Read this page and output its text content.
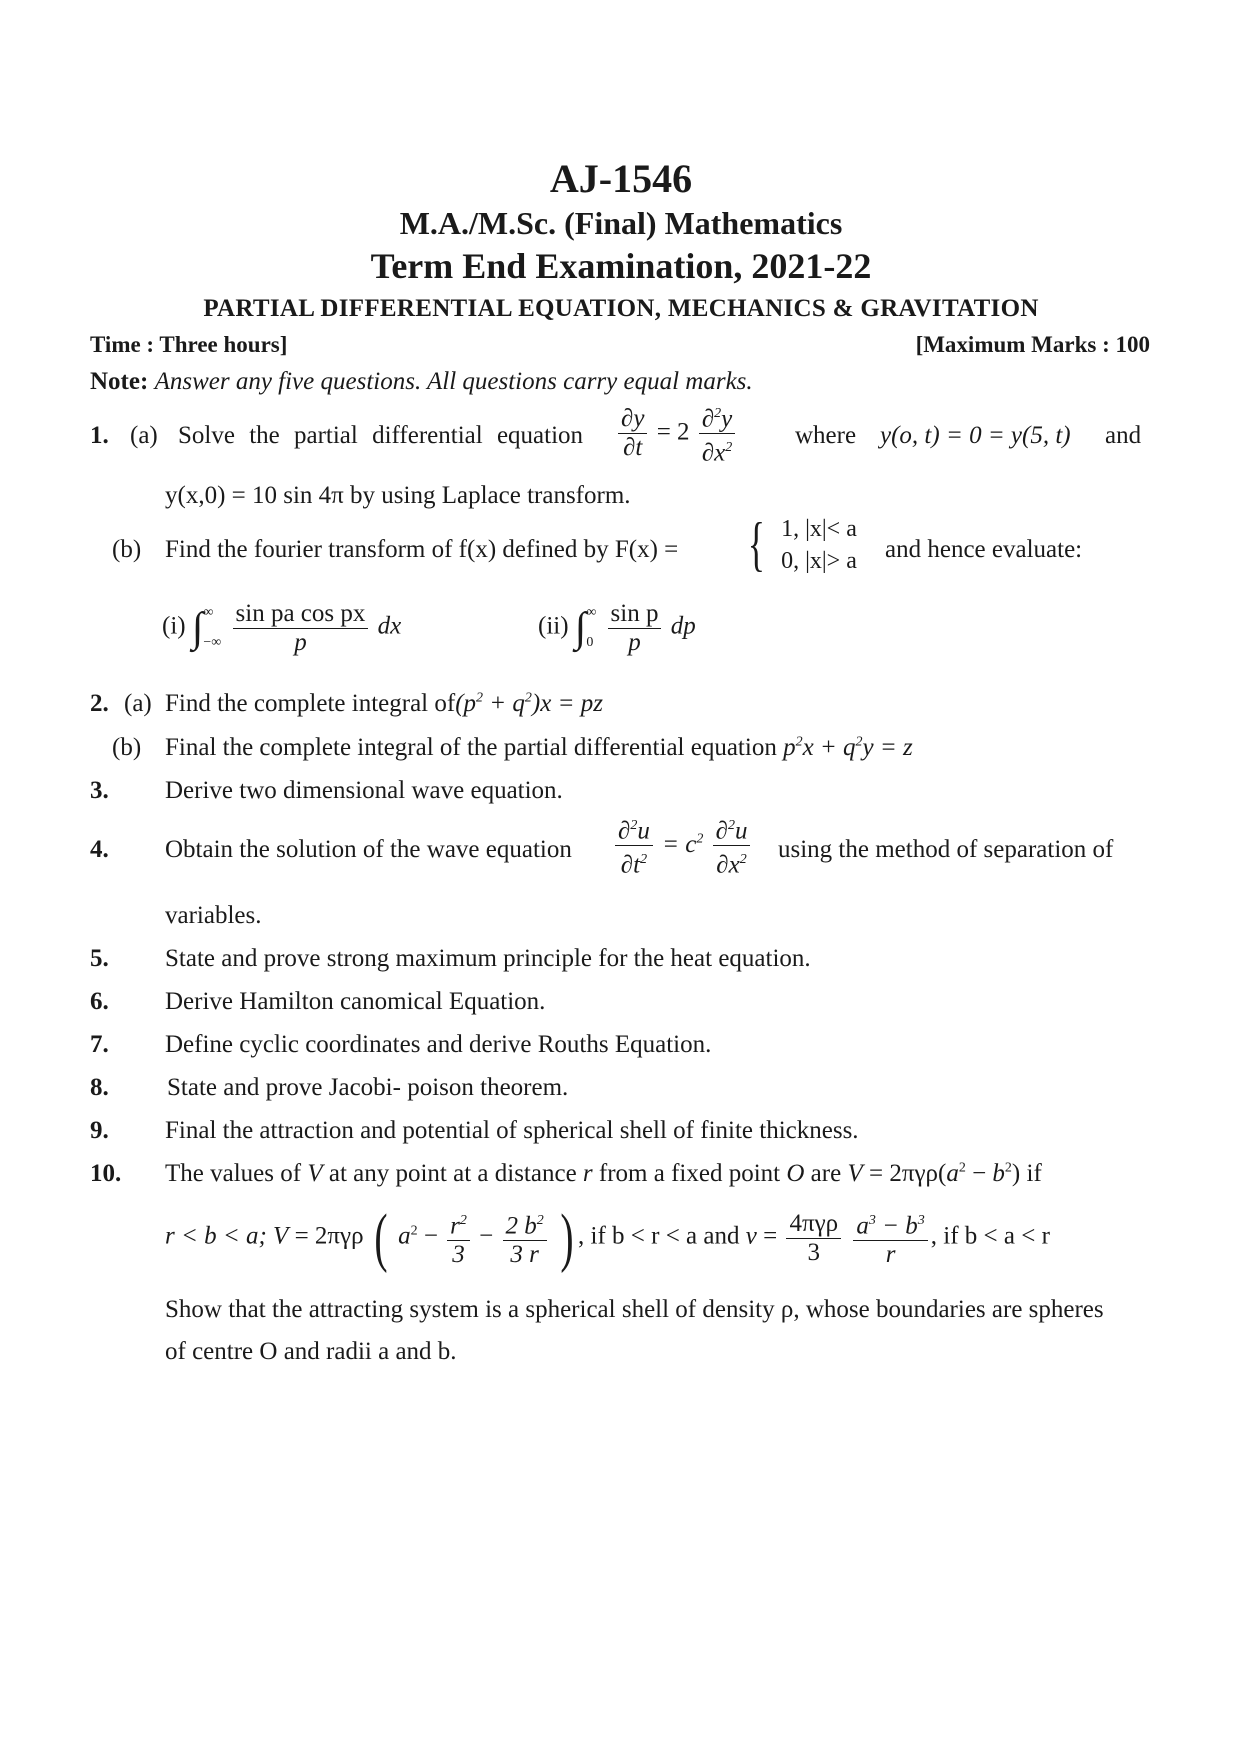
AJ-1546
M.A./M.Sc. (Final) Mathematics
Term End Examination, 2021-22
PARTIAL DIFFERENTIAL EQUATION, MECHANICS & GRAVITATION
Time : Three hours]	[Maximum Marks : 100
Note: Answer any five questions. All questions carry equal marks.
1. (a) Solve the partial differential equation $\frac{\partial y}{\partial t} = 2 \frac{\partial^2y}{\partial x^2}$ where y(o, t) = 0 = y(5, t) and
y(x,0) = 10 sin 4π by using Laplace transform.
(b) Find the fourier transform of f(x) defined by F(x) = { 1, |x|< a
0, |x|> a and hence evaluate:
(i) ∫ ∞
−∞
$\frac{\text{sin pa cos px}}{p}$ dx	(ii) ∫ ∞
0
$\frac{\text{sin p}}{p}$ dp
2. (a) Find the complete integral $of(p^2 + q^2)x$ = pz
(b) Final the complete integral of the partial differential equation $p^2x + q^2y = z$
3. Derive two dimensional wave equation.
4. Obtain the solution of the wave equation $\frac{\partial^2u}{\partial t^2} = c^2 \frac{\partial^2u}{\partial x^2}$ using the method of separation of
variables.
5. State and prove strong maximum principle for the heat equation.
6. Derive Hamilton canomical Equation.
7. Define cyclic coordinates and derive Rouths Equation.
8. State and prove Jacobi- poison theorem.
9. Final the attraction and potential of spherical shell of finite thickness.
10. The values of V at any point at a distance r from a fixed point O are $V = 2\pi\gamma\rho(a^2 - b^2)$ if
r < b < a; V = 2πγρ ( $a^2 - \frac{r^2}{3} - \frac{2 b^2}{3 r}$ ) , if b < r < a and $v = \frac{\text{4πγρ}}{3}$
$\frac{a^3 - b^3}{r}$ , if b < a < r
Show that the attracting system is a spherical shell of density ρ, whose boundaries are spheres
of centre O and radii a and b.
